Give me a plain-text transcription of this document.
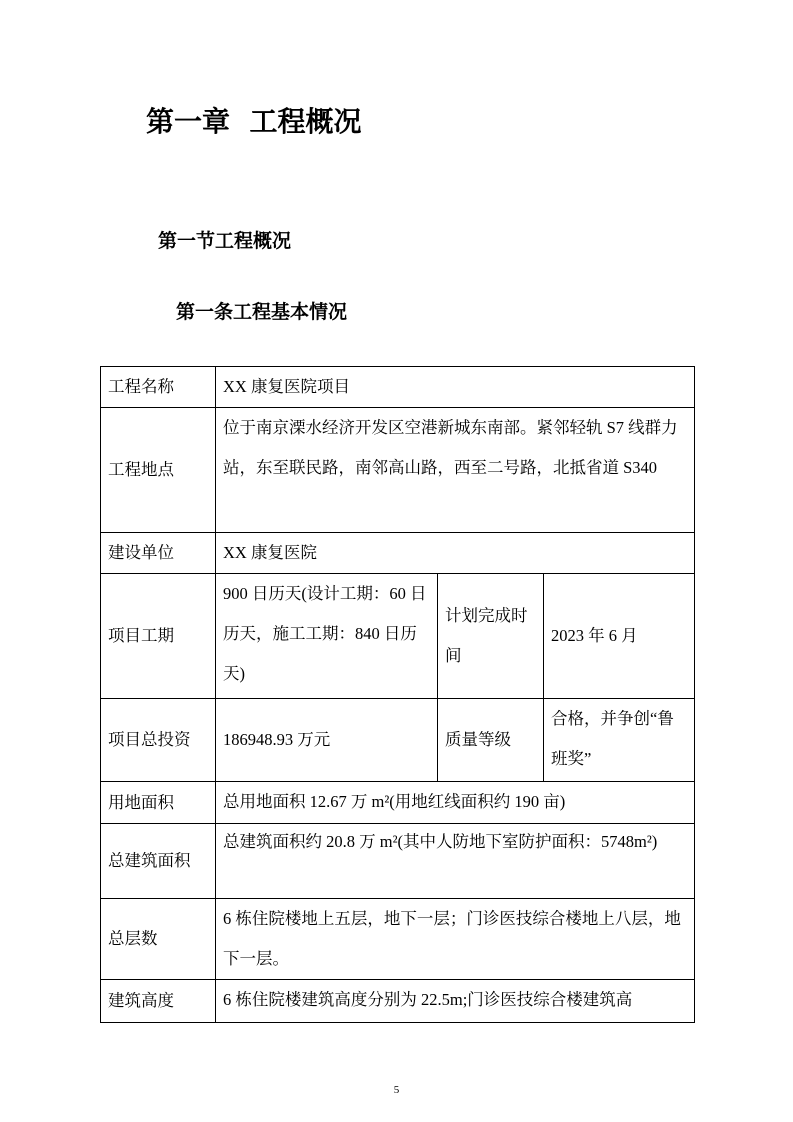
第一章  工程概况
第一节工程概况
第一条工程基本情况
工程名称	XX 康复医院项目		
工程地点	位于南京溧水经济开发区空港新城东南部。紧邻轻轨 S7 线群力站，东至联民路，南邻高山路，西至二号路，北抵省道 S340		
建设单位	XX 康复医院		
项目工期	900 日历天(设计工期：60 日历天，施工工期：840 日历天)	计划完成时间	2023 年 6 月
项目总投资	186948.93 万元	质量等级	合格，并争创“鲁班奖”
用地面积	总用地面积 12.67 万 m²(用地红线面积约 190 亩)		
总建筑面积	总建筑面积约 20.8 万 m²(其中人防地下室防护面积：5748m²)		
总层数	6 栋住院楼地上五层，地下一层；门诊医技综合楼地上八层，地下一层。		
建筑高度	6 栋住院楼建筑高度分别为 22.5m;门诊医技综合楼建筑高		
5
